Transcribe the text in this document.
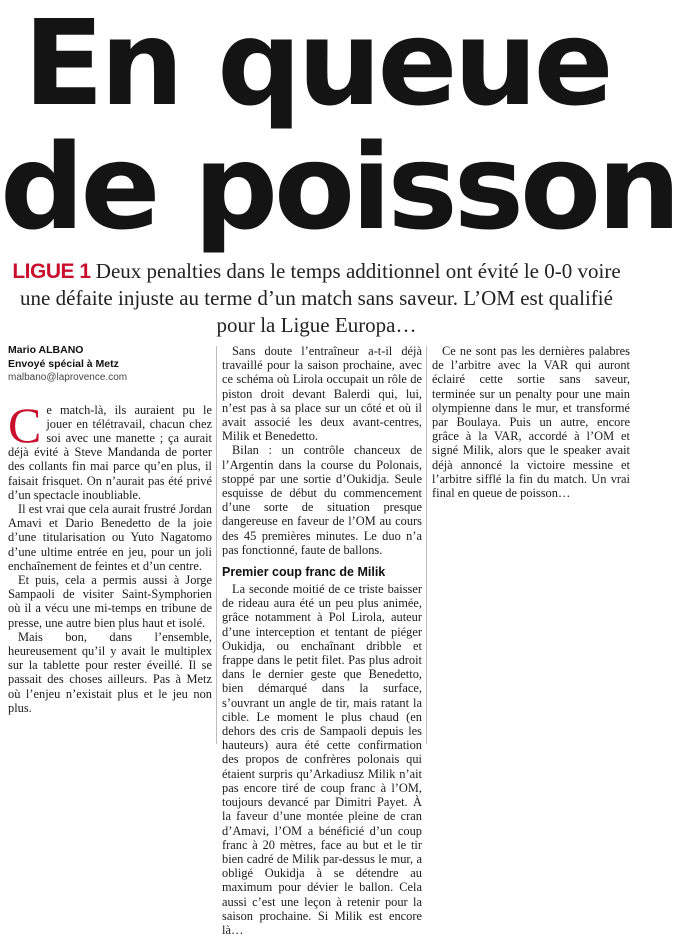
En queue
de poisson

LIGUE 1 Deux penalties dans le temps additionnel ont évité le 0-0 voire une défaite injuste au terme d’un match sans saveur. L’OM est qualifié pour la Ligue Europa…

Mario ALBANO

Envoyé spécial à Metz

malbano@laprovence.com

Ce match-là, ils auraient pu le jouer en télétravail, chacun chez soi avec une manette ; ça aurait déjà évité à Steve Mandanda de porter des collants fin mai parce qu’en plus, il faisait frisquet. On n’aurait pas été privé d’un spectacle inoubliable.

Il est vrai que cela aurait frustré Jordan Amavi et Dario Benedetto de la joie d’une titularisation ou Yuto Nagatomo d’une ultime entrée en jeu, pour un joli enchaînement de feintes et d’un centre.

Et puis, cela a permis aussi à Jorge Sampaoli de visiter Saint-Symphorien où il a vécu une mi-temps en tribune de presse, une autre bien plus haut et isolé.

Mais bon, dans l’ensemble, heureusement qu’il y avait le multiplex sur la tablette pour rester éveillé. Il se passait des choses ailleurs. Pas à Metz où l’enjeu n’existait plus et le jeu non plus.

Sans doute l’entraîneur a-t-il déjà travaillé pour la saison prochaine, avec ce schéma où Lirola occupait un rôle de piston droit devant Balerdi qui, lui, n’est pas à sa place sur un côté et où il avait associé les deux avant-centres, Milik et Benedetto.

Bilan : un contrôle chanceux de l’Argentin dans la course du Polonais, stoppé par une sortie d’Oukidja. Seule esquisse de début du commencement d’une sorte de situation presque dangereuse en faveur de l’OM au cours des 45 premières minutes. Le duo n’a pas fonctionné, faute de ballons.

Premier coup franc de Milik

La seconde moitié de ce triste baisser de rideau aura été un peu plus animée, grâce notamment à Pol Lirola, auteur d’une interception et tentant de piéger Oukidja, ou enchaînant dribble et frappe dans le petit filet. Pas plus adroit dans le dernier geste que Benedetto, bien démarqué dans la surface, s’ouvrant un angle de tir, mais ratant la cible. Le moment le plus chaud (en dehors des cris de Sampaoli depuis les hauteurs) aura été cette confirmation des propos de confrères polonais qui étaient surpris qu’Arkadiusz Milik n’ait pas encore tiré de coup franc à l’OM, toujours devancé par Dimitri Payet. À la faveur d’une montée pleine de cran d’Amavi, l’OM a bénéficié d’un coup franc à 20 mètres, face au but et le tir bien cadré de Milik par-dessus le mur, a obligé Oukidja à se détendre au maximum pour dévier le ballon. Cela aussi c’est une leçon à retenir pour la saison prochaine. Si Milik est encore là…

Ce ne sont pas les dernières palabres de l’arbitre avec la VAR qui auront éclairé cette sortie sans saveur, terminée sur un penalty pour une main olympienne dans le mur, et transformé par Boulaya. Puis un autre, encore grâce à la VAR, accordé à l’OM et signé Milik, alors que le speaker avait déjà annoncé la victoire messine et l’arbitre sifflé la fin du match. Un vrai final en queue de poisson…
